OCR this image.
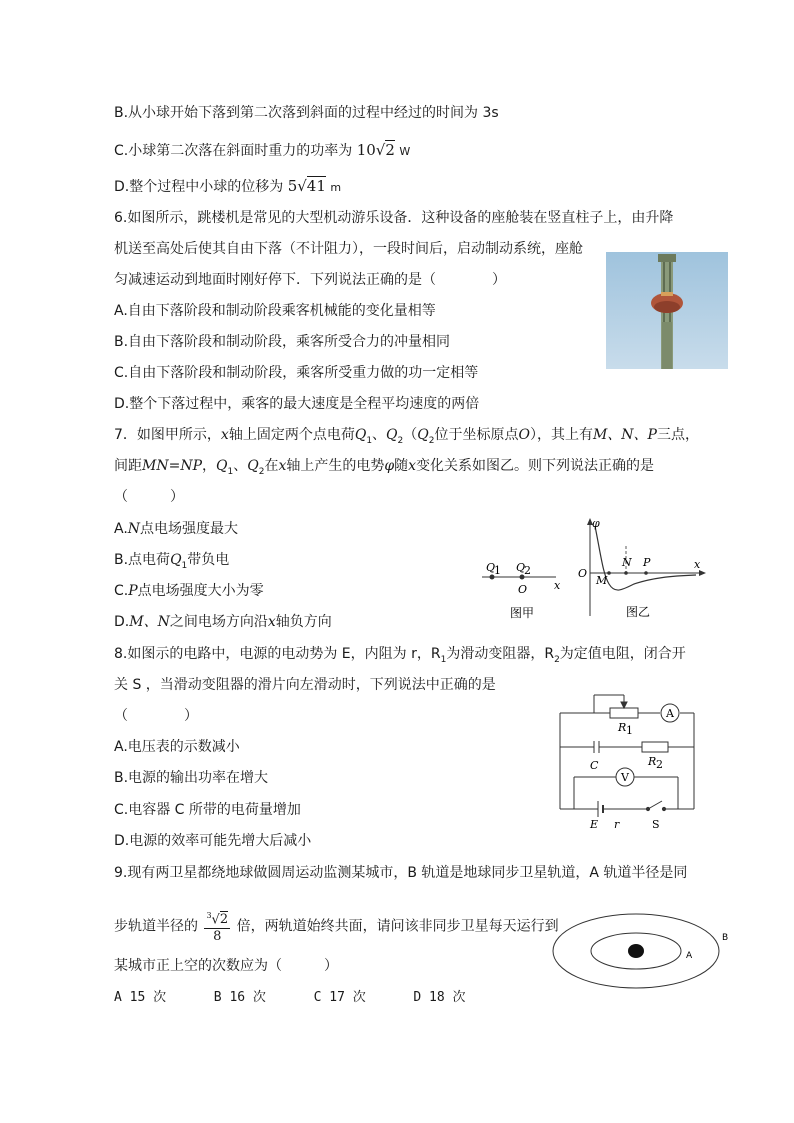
B.从小球开始下落到第二次落到斜面的过程中经过的时间为 3s
C.小球第二次落在斜面时重力的功率为 10√2 W
D.整个过程中小球的位移为 5√41 m
6.如图所示，跳楼机是常见的大型机动游乐设备．这种设备的座舱装在竖直柱子上，由升降
机送至高处后使其自由下落（不计阻力），一段时间后，启动制动系统，座舱
匀减速运动到地面时刚好停下．下列说法正确的是（　　　　）
A.自由下落阶段和制动阶段乘客机械能的变化量相等
B.自由下落阶段和制动阶段，乘客所受合力的冲量相同
C.自由下落阶段和制动阶段，乘客所受重力做的功一定相等
D.整个下落过程中，乘客的最大速度是全程平均速度的两倍
7．如图甲所示，x轴上固定两个点电荷$Q_1$、$Q_2(Q_2$位于坐标原点O），其上有M、N、P三点，
间距MN=NP，$Q_1$、$Q_2$在x轴上产生的电势φ随x变化关系如图乙。则下列说法正确的是
（　　　）
A.N点电场强度最大
B.点电荷$Q_1$带负电
C.P点电场强度大小为零
D.M、N之间电场方向沿x轴负方向
Q
1 Q
2
O x
图甲
φ
O
M
N P	x
图乙
8.如图示的电路中，电源的电动势为 E，内阻为 r，$R_1$为滑动变阻器，$R_2$为定值电阻，闭合开
关 S ，当滑动变阻器的滑片向左滑动时，下列说法中正确的是
（　　　　）
A.电压表的示数减小
B.电源的输出功率在增大
C.电容器 C 所带的电荷量增加
D.电源的效率可能先增大后减小
A
V
R 1
R 2
C
E r	S
9.现有两卫星都绕地球做圆周运动监测某城市，B 轨道是地球同步卫星轨道，A 轨道半径是同
步轨道半径的 $\frac{^3√2}{8}$ 倍，两轨道始终共面，请问该非同步卫星每天运行到
某城市正上空的次数应为（　　　）
A 15 次	B 16 次	C 17 次	D 18 次
A
B
